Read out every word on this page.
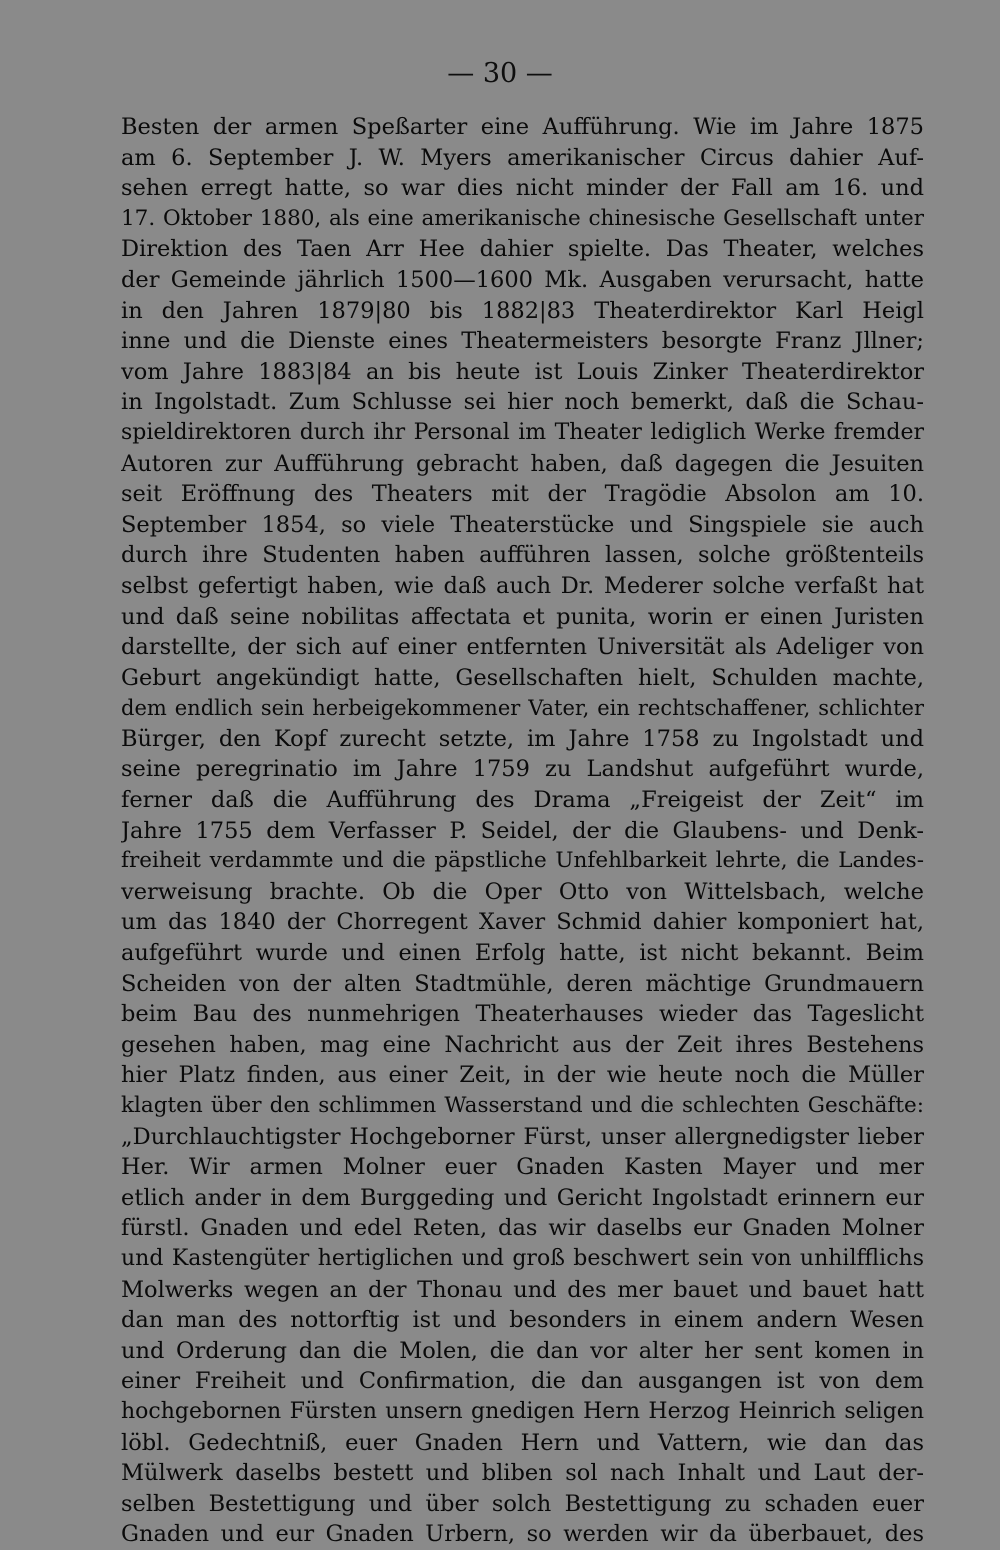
— 30 —
Besten der armen Speßarter eine Aufführung. Wie im Jahre 1875
am 6. September J. W. Myers amerikanischer Circus dahier Auf-
sehen erregt hatte, so war dies nicht minder der Fall am 16. und
17. Oktober 1880, als eine amerikanische chinesische Gesellschaft unter
Direktion des Taen Arr Hee dahier spielte. Das Theater, welches
der Gemeinde jährlich 1500—1600 Mk. Ausgaben verursacht, hatte
in den Jahren 1879|80 bis 1882|83 Theaterdirektor Karl Heigl
inne und die Dienste eines Theatermeisters besorgte Franz Jllner;
vom Jahre 1883|84 an bis heute ist Louis Zinker Theaterdirektor
in Ingolstadt. Zum Schlusse sei hier noch bemerkt, daß die Schau-
spieldirektoren durch ihr Personal im Theater lediglich Werke fremder
Autoren zur Aufführung gebracht haben, daß dagegen die Jesuiten
seit Eröffnung des Theaters mit der Tragödie Absolon am 10.
September 1854, so viele Theaterstücke und Singspiele sie auch
durch ihre Studenten haben aufführen lassen, solche größtenteils
selbst gefertigt haben, wie daß auch Dr. Mederer solche verfaßt hat
und daß seine nobilitas affectata et punita, worin er einen Juristen
darstellte, der sich auf einer entfernten Universität als Adeliger von
Geburt angekündigt hatte, Gesellschaften hielt, Schulden machte,
dem endlich sein herbeigekommener Vater, ein rechtschaffener, schlichter
Bürger, den Kopf zurecht setzte, im Jahre 1758 zu Ingolstadt und
seine peregrinatio im Jahre 1759 zu Landshut aufgeführt wurde,
ferner daß die Aufführung des Drama „Freigeist der Zeit“ im
Jahre 1755 dem Verfasser P. Seidel, der die Glaubens- und Denk-
freiheit verdammte und die päpstliche Unfehlbarkeit lehrte, die Landes-
verweisung brachte. Ob die Oper Otto von Wittelsbach, welche
um das 1840 der Chorregent Xaver Schmid dahier komponiert hat,
aufgeführt wurde und einen Erfolg hatte, ist nicht bekannt. Beim
Scheiden von der alten Stadtmühle, deren mächtige Grundmauern
beim Bau des nunmehrigen Theaterhauses wieder das Tageslicht
gesehen haben, mag eine Nachricht aus der Zeit ihres Bestehens
hier Platz finden, aus einer Zeit, in der wie heute noch die Müller
klagten über den schlimmen Wasserstand und die schlechten Geschäfte:
„Durchlauchtigster Hochgeborner Fürst, unser allergnedigster lieber
Her. Wir armen Molner euer Gnaden Kasten Mayer und mer
etlich ander in dem Burggeding und Gericht Ingolstadt erinnern eur
fürstl. Gnaden und edel Reten, das wir daselbs eur Gnaden Molner
und Kastengüter hertiglichen und groß beschwert sein von unhilfflichs
Molwerks wegen an der Thonau und des mer bauet und bauet hatt
dan man des nottorftig ist und besonders in einem andern Wesen
und Orderung dan die Molen, die dan vor alter her sent komen in
einer Freiheit und Confirmation, die dan ausgangen ist von dem
hochgebornen Fürsten unsern gnedigen Hern Herzog Heinrich seligen
löbl. Gedechtniß, euer Gnaden Hern und Vattern, wie dan das
Mülwerk daselbs bestett und bliben sol nach Inhalt und Laut der-
selben Bestettigung und über solch Bestettigung zu schaden euer
Gnaden und eur Gnaden Urbern, so werden wir da überbauet, des
